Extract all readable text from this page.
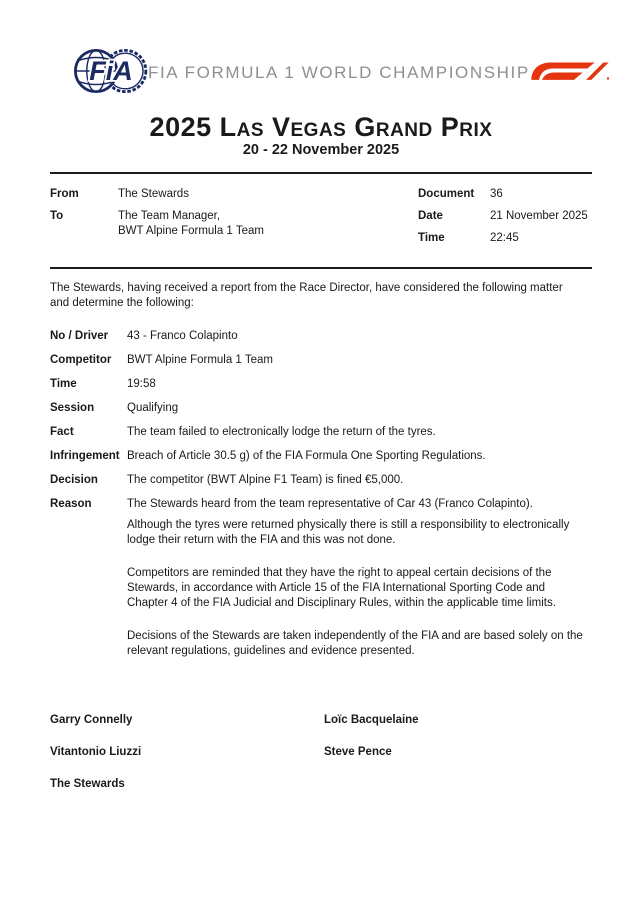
FiA FIA FORMULA 1 WORLD CHAMPIONSHIP
2025 Las Vegas Grand Prix
20 - 22 November 2025
From	The Stewards
To	The Team Manager,
BWT Alpine Formula 1 Team
Document	36
Date	21 November 2025
Time	22:45

The Stewards, having received a report from the Race Director, have considered the following matter and determine the following:

No / Driver	43 - Franco Colapinto
Competitor	BWT Alpine Formula 1 Team
Time	19:58
Session	Qualifying
Fact	The team failed to electronically lodge the return of the tyres.
Infringement Breach of Article 30.5 g) of the FIA Formula One Sporting Regulations.
Decision	The competitor (BWT Alpine F1 Team) is fined €5,000.
Reason	The Stewards heard from the team representative of Car 43 (Franco Colapinto).
Although the tyres were returned physically there is still a responsibility to electronically lodge their return with the FIA and this was not done.
Competitors are reminded that they have the right to appeal certain decisions of the Stewards, in accordance with Article 15 of the FIA International Sporting Code and Chapter 4 of the FIA Judicial and Disciplinary Rules, within the applicable time limits.
Decisions of the Stewards are taken independently of the FIA and are based solely on the relevant regulations, guidelines and evidence presented.
Garry Connelly	Loïc Bacquelaine
Vitantonio Liuzzi	Steve Pence
The Stewards
